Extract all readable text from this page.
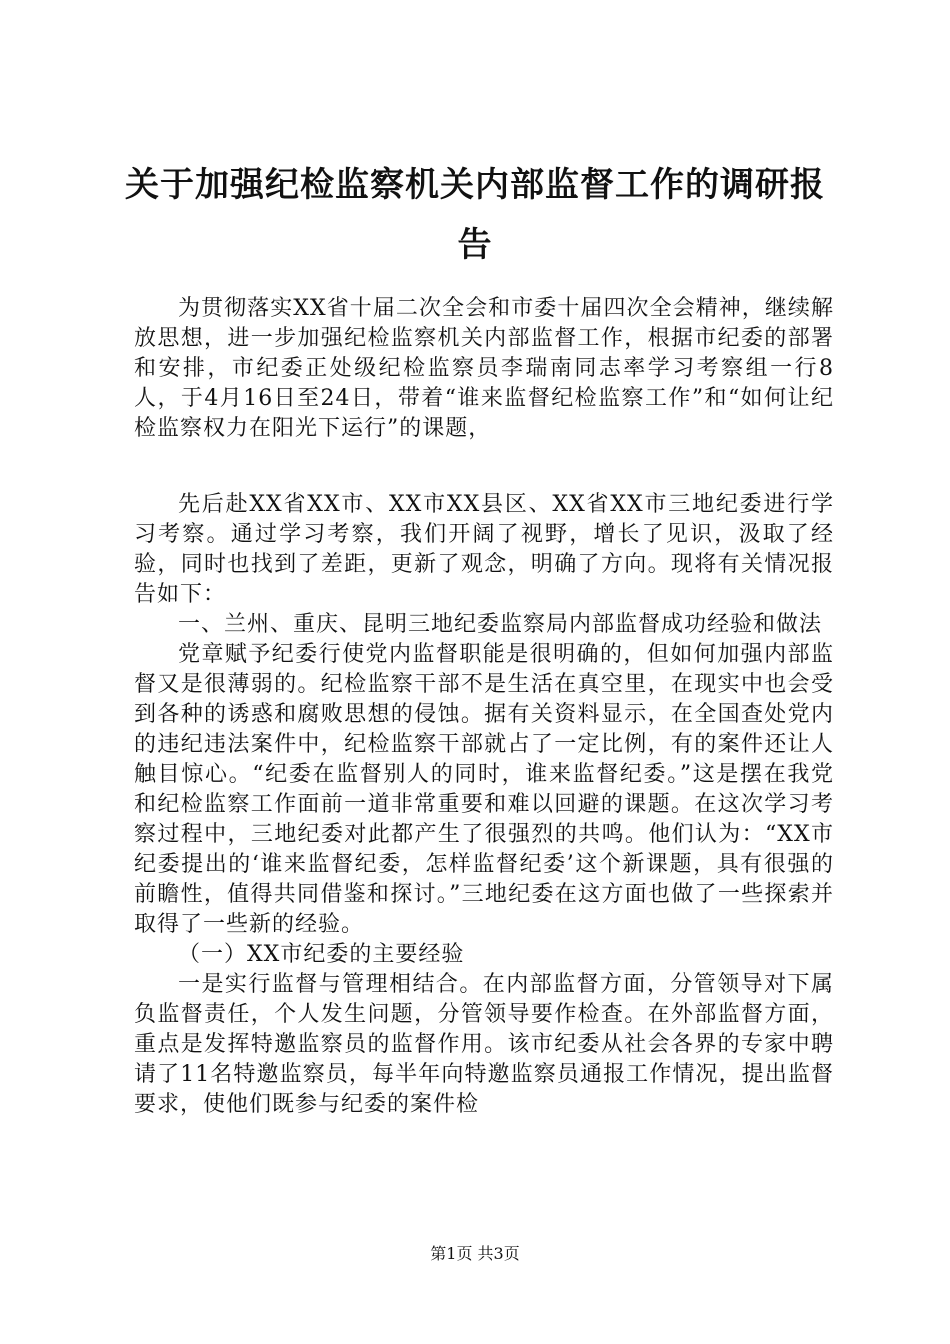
关于加强纪检监察机关内部监督工作的调研报
告

为贯彻落实XX省十届二次全会和市委十届四次全会精神，继续解放思想，进一步加强纪检监察机关内部监督工作，根据市纪委的部署和安排，市纪委正处级纪检监察员李瑞南同志率学习考察组一行8人，于4月16日至24日，带着“谁来监督纪检监察工作”和“如何让纪检监察权力在阳光下运行”的课题，

先后赴XX省XX市、XX市XX县区、XX省XX市三地纪委进行学习考察。通过学习考察，我们开阔了视野，增长了见识，汲取了经验，同时也找到了差距，更新了观念，明确了方向。现将有关情况报告如下：

一、兰州、重庆、昆明三地纪委监察局内部监督成功经验和做法

党章赋予纪委行使党内监督职能是很明确的，但如何加强内部监督又是很薄弱的。纪检监察干部不是生活在真空里，在现实中也会受到各种的诱惑和腐败思想的侵蚀。据有关资料显示，在全国查处党内的违纪违法案件中，纪检监察干部就占了一定比例，有的案件还让人触目惊心。“纪委在监督别人的同时，谁来监督纪委。”这是摆在我党和纪检监察工作面前一道非常重要和难以回避的课题。在这次学习考察过程中，三地纪委对此都产生了很强烈的共鸣。他们认为：“XX市纪委提出的‘谁来监督纪委，怎样监督纪委’这个新课题，具有很强的前瞻性，值得共同借鉴和探讨。”三地纪委在这方面也做了一些探索并取得了一些新的经验。

（一）XX市纪委的主要经验

一是实行监督与管理相结合。在内部监督方面，分管领导对下属负监督责任，个人发生问题，分管领导要作检查。在外部监督方面，重点是发挥特邀监察员的监督作用。该市纪委从社会各界的专家中聘请了11名特邀监察员，每半年向特邀监察员通报工作情况，提出监督要求，使他们既参与纪委的案件检

第1页 共3页
